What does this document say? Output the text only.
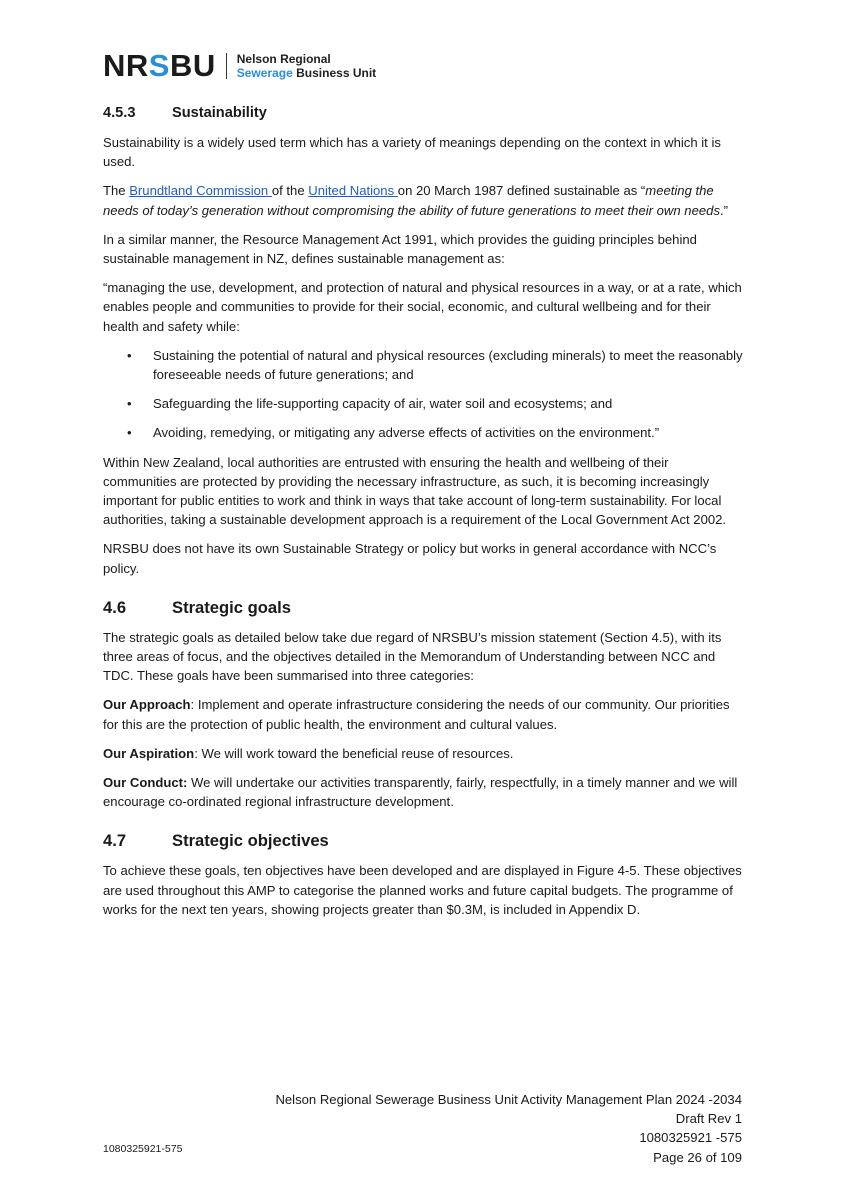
NRSBU Nelson Regional
Sewerage Business Unit
4.5.3	Sustainability

Sustainability is a widely used term which has a variety of meanings depending on the context in which it is used.

The Brundtland Commission of the United Nations on 20 March 1987 defined sustainable as “meeting the needs of today’s generation without compromising the ability of future generations to meet their own needs.”

In a similar manner, the Resource Management Act 1991, which provides the guiding principles behind sustainable management in NZ, defines sustainable management as:

“managing the use, development, and protection of natural and physical resources in a way, or at a rate, which enables people and communities to provide for their social, economic, and cultural wellbeing and for their health and safety while:

• Sustaining the potential of natural and physical resources (excluding minerals) to meet the reasonably foreseeable needs of future generations; and
• Safeguarding the life-supporting capacity of air, water soil and ecosystems; and
• Avoiding, remedying, or mitigating any adverse effects of activities on the environment.”

Within New Zealand, local authorities are entrusted with ensuring the health and wellbeing of their communities are protected by providing the necessary infrastructure, as such, it is becoming increasingly important for public entities to work and think in ways that take account of long-term sustainability. For local authorities, taking a sustainable development approach is a requirement of the Local Government Act 2002.

NRSBU does not have its own Sustainable Strategy or policy but works in general accordance with NCC’s policy.

4.6	Strategic goals

The strategic goals as detailed below take due regard of NRSBU’s mission statement (Section 4.5), with its three areas of focus, and the objectives detailed in the Memorandum of Understanding between NCC and TDC. These goals have been summarised into three categories:

Our Approach: Implement and operate infrastructure considering the needs of our community. Our priorities for this are the protection of public health, the environment and cultural values.

Our Aspiration: We will work toward the beneficial reuse of resources.

Our Conduct: We will undertake our activities transparently, fairly, respectfully, in a timely manner and we will encourage co-ordinated regional infrastructure development.

4.7	Strategic objectives

To achieve these goals, ten objectives have been developed and are displayed in Figure 4-5. These objectives are used throughout this AMP to categorise the planned works and future capital budgets. The programme of works for the next ten years, showing projects greater than $0.3M, is included in Appendix D.

Nelson Regional Sewerage Business Unit Activity Management Plan 2024 -2034
Draft Rev 1
1080325921 -575
Page 26 of 109
1080325921-575
